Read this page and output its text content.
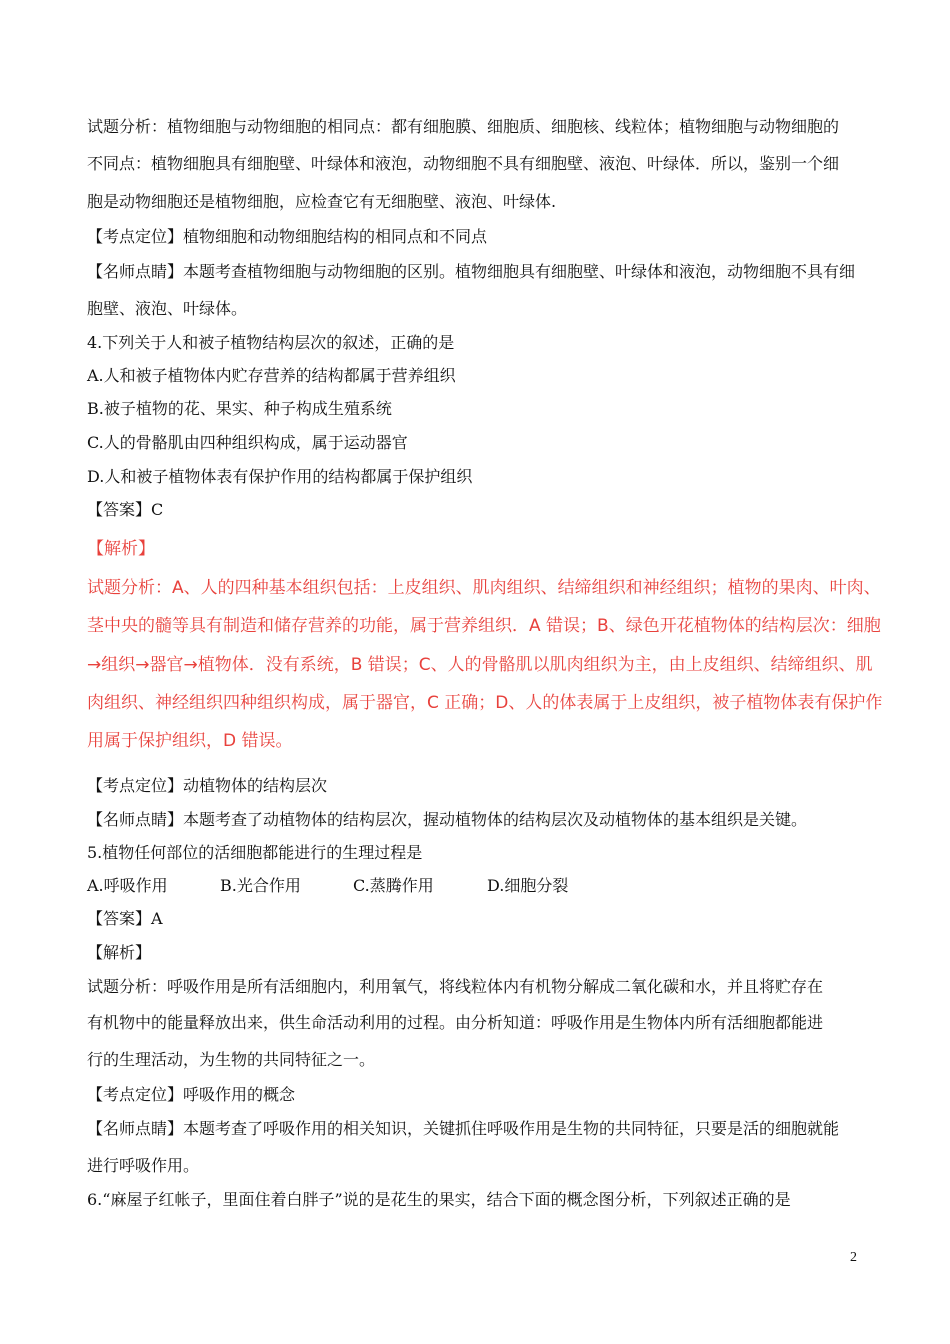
试题分析：植物细胞与动物细胞的相同点：都有细胞膜、细胞质、细胞核、线粒体；植物细胞与动物细胞的

不同点：植物细胞具有细胞壁、叶绿体和液泡，动物细胞不具有细胞壁、液泡、叶绿体．所以，鉴别一个细

胞是动物细胞还是植物细胞，应检查它有无细胞壁、液泡、叶绿体.

【考点定位】植物细胞和动物细胞结构的相同点和不同点

【名师点睛】本题考查植物细胞与动物细胞的区别。植物细胞具有细胞壁、叶绿体和液泡，动物细胞不具有细

胞壁、液泡、叶绿体。

4.下列关于人和被子植物结构层次的叙述，正确的是

A.人和被子植物体内贮存营养的结构都属于营养组织

B.被子植物的花、果实、种子构成生殖系统

C.人的骨骼肌由四种组织构成，属于运动器官

D.人和被子植物体表有保护作用的结构都属于保护组织

【答案】C

【解析】

试题分析：A、人的四种基本组织包括：上皮组织、肌肉组织、结缔组织和神经组织；植物的果肉、叶肉、

茎中央的髓等具有制造和储存营养的功能，属于营养组织．A 错误；B、绿色开花植物体的结构层次：细胞

→组织→器官→植物体．没有系统，B 错误；C、人的骨骼肌以肌肉组织为主，由上皮组织、结缔组织、肌

肉组织、神经组织四种组织构成，属于器官，C 正确；D、人的体表属于上皮组织，被子植物体表有保护作

用属于保护组织，D 错误。

【考点定位】动植物体的结构层次

【名师点睛】本题考查了动植物体的结构层次，握动植物体的结构层次及动植物体的基本组织是关键。

5.植物任何部位的活细胞都能进行的生理过程是

A.呼吸作用	B.光合作用	C.蒸腾作用	D.细胞分裂

【答案】A

【解析】

试题分析：呼吸作用是所有活细胞内，利用氧气，将线粒体内有机物分解成二氧化碳和水，并且将贮存在

有机物中的能量释放出来，供生命活动利用的过程。由分析知道：呼吸作用是生物体内所有活细胞都能进

行的生理活动，为生物的共同特征之一。

【考点定位】呼吸作用的概念

【名师点睛】本题考查了呼吸作用的相关知识，关键抓住呼吸作用是生物的共同特征，只要是活的细胞就能

进行呼吸作用。

6.“麻屋子红帐子，里面住着白胖子”说的是花生的果实，结合下面的概念图分析，下列叙述正确的是

2
